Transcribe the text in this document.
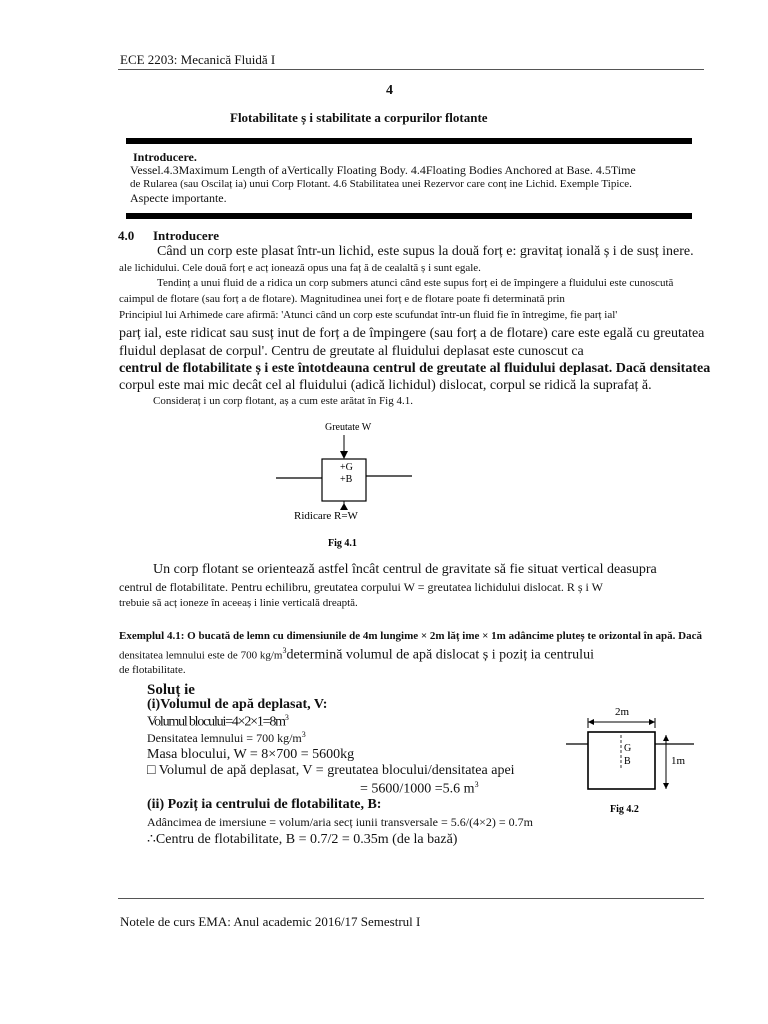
ECE 2203: Mecanică Fluidă I
4
Flotabilitate ș i stabilitate a corpurilor flotante
Introducere.
Vessel.4.3Maximum Length of aVertically Floating Body. 4.4Floating Bodies Anchored at Base. 4.5Time
de Rularea (sau Oscilaț ia) unui Corp Flotant. 4.6 Stabilitatea unei Rezervor care conț ine Lichid. Exemple Tipice.
Aspecte importante.
4.0 Introducere
Când un corp este plasat într-un lichid, este supus la două forț e: gravitaț ională ș i de susț inere.
ale lichidului. Cele două forț e acț ionează opus una faț ă de cealaltă ș i sunt egale.
Tendinț a unui fluid de a ridica un corp submers atunci când este supus forț ei de împingere a fluidului este cunoscută
caimpul de flotare (sau forț a de flotare). Magnitudinea unei forț e de flotare poate fi determinată prin
Principiul lui Arhimede care afirmă: 'Atunci când un corp este scufundat într-un fluid fie în întregime, fie parț ial'
parț ial, este ridicat sau susț inut de forț a de împingere (sau forț a de flotare) care este egală cu greutatea
fluidul deplasat de corpul'. Centru de greutate al fluidului deplasat este cunoscut ca
centrul de flotabilitate ș i este întotdeauna centrul de greutate al fluidului deplasat. Dacă densitatea
corpul este mai mic decât cel al fluidului (adică lichidul) dislocat, corpul se ridică la suprafaț ă.
Consideraț i un corp flotant, aș a cum este arătat în Fig 4.1.
Greutate W
+G
+B
Ridicare R=W
Fig 4.1
Un corp flotant se orientează astfel încât centrul de gravitate să fie situat vertical deasupra
centrul de flotabilitate. Pentru echilibru, greutatea corpului W = greutatea lichidului dislocat. R ș i W
trebuie să acț ioneze în aceeaș i linie verticală dreaptă.
Exemplul 4.1: O bucată de lemn cu dimensiunile de 4m lungime × 2m lăț ime × 1m adâncime pluteș te orizontal în apă. Dacă
densitatea lemnului este de 700 $kg/m^3determină$ volumul de apă dislocat ș i poziț ia centrului
de flotabilitate.
Soluț ie
(i)Volumul de apă deplasat, V:
Volumul $blocului=4\times 2\times 1=8m^3$
Densitatea lemnului = 700 $kg/m^3$
Masa blocului, W = 8×700 = 5600kg
□ Volumul de apă deplasat, V = greutatea blocului/densitatea apei
= 5600/1000 =5.6 $m^3$
(ii) Poziț ia centrului de flotabilitate, B:
Adâncimea de imersiune = volum/aria secț iunii transversale = 5.6/(4×2) = 0.7m
∴Centru de flotabilitate, B = 0.7/2 = 0.35m (de la bază)
2m
G
B	1m
Fig 4.2
Notele de curs EMA: Anul academic 2016/17 Semestrul I
